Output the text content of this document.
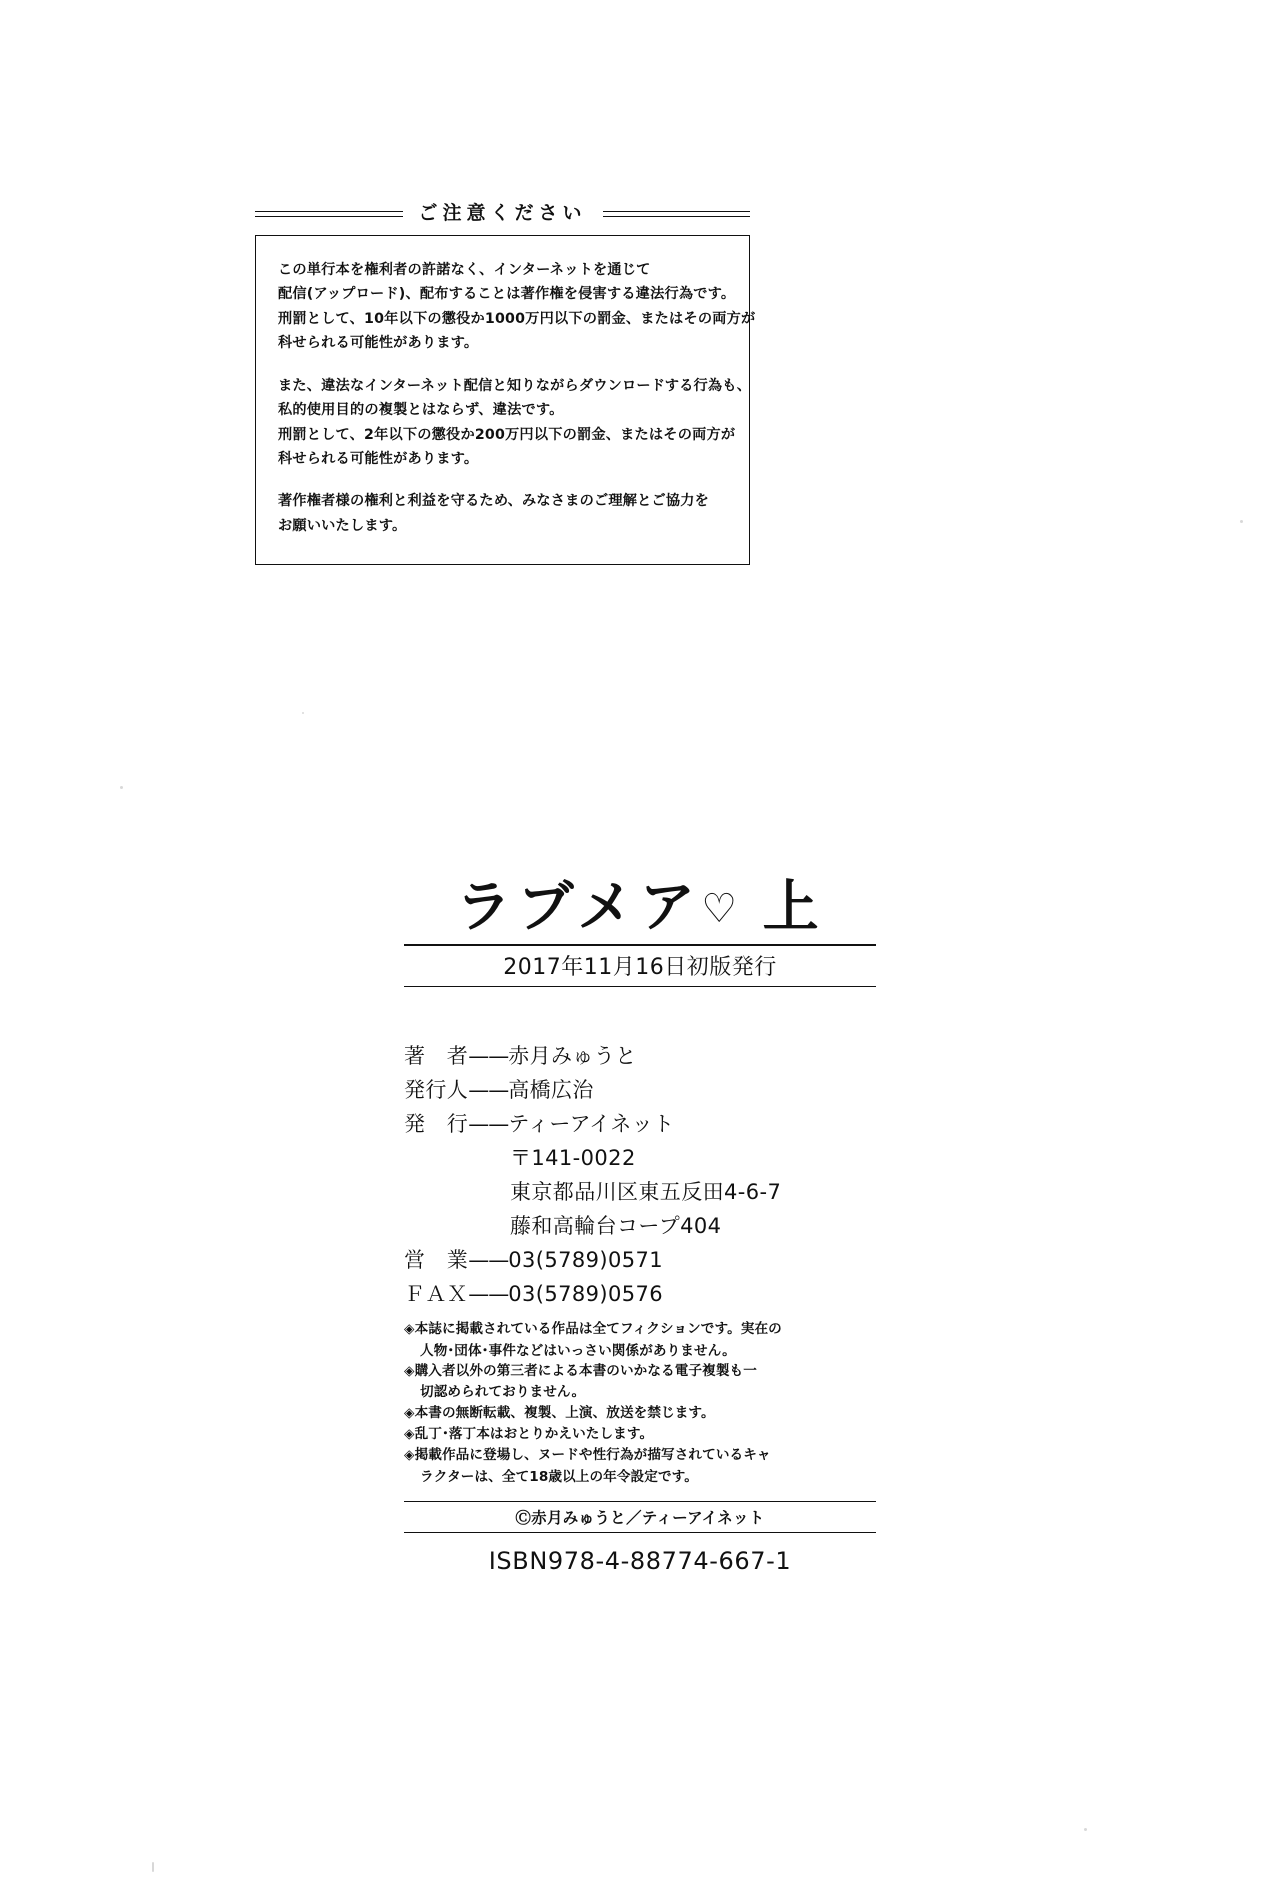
ご注意ください
この単行本を権利者の許諾なく、インターネットを通じて
配信(アップロード)、配布することは著作権を侵害する違法行為です。
刑罰として、10年以下の懲役か1000万円以下の罰金、またはその両方が
科せられる可能性があります。
また、違法なインターネット配信と知りながらダウンロードする行為も、
私的使用目的の複製とはならず、違法です。
刑罰として、2年以下の懲役か200万円以下の罰金、またはその両方が
科せられる可能性があります。
著作権者様の権利と利益を守るため、みなさまのご理解とご協力を
お願いいたします。
ラブメア♡ 上
2017年11月16日初版発行
著　者——赤月みゅうと
発行人——高橋広治
発　行——ティーアイネット
〒141-0022
東京都品川区東五反田4-6-7
藤和高輪台コープ404
営　業——03(5789)0571
ＦＡＸ——03(5789)0576
◈本誌に掲載されている作品は全てフィクションです。実在の
人物･団体･事件などはいっさい関係がありません。
◈購入者以外の第三者による本書のいかなる電子複製も一
切認められておりません。
◈本書の無断転載、複製、上演、放送を禁じます。
◈乱丁･落丁本はおとりかえいたします。
◈掲載作品に登場し、ヌードや性行為が描写されているキャ
ラクターは、全て18歳以上の年令設定です。
Ⓒ赤月みゅうと／ティーアイネット
ISBN978-4-88774-667-1
